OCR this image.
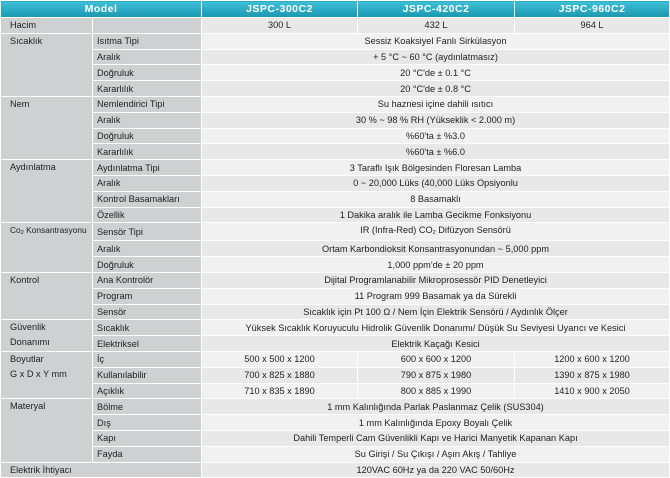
Model		JSPC-300C2	JSPC-420C2	JSPC-960C2
Hacim		300 L	432 L	964 L
Sıcaklık	Isıtma Tipi	Sessiz Koaksiyel Fanlı Sirkülasyon		
	Aralık	+ 5 °C ~ 60 °C (aydınlatmasız)		
	Doğruluk	20 °C'de ± 0.1 °C		
	Kararlılık	20 °C'de ± 0.8 °C		
Nem	Nemlendirici Tipi	Su haznesi içine dahili ısıtıcı		
	Aralık	30 % ~ 98 % RH (Yükseklik < 2.000 m)		
	Doğruluk	%60'ta ± %3.0		
	Kararlılık	%60'ta ± %6.0		
Aydınlatma	Aydınlatma Tipi	3 Taraflı Işık Bölgesinden Floresan Lamba		
	Aralık	0 ~ 20,000 Lüks (40,000 Lüks Opsiyonlu		
	Kontrol Basamakları	8 Basamaklı		
	Özellik	1 Dakika aralık ile Lamba Gecikme Fonksiyonu		
Co2 Konsantrasyonu	Sensör Tipi	IR (Infra-Red) CO2 Difüzyon Sensörü		
	Aralık	Ortam Karbondioksit Konsantrasyonundan ~ 5,000 ppm		
	Doğruluk	1,000 ppm'de ± 20 ppm		
Kontrol	Ana Kontrolör	Dijital Programlanabilir Mikroprosessör PID Denetleyici		
	Program	11 Program 999 Basamak ya da Sürekli		
	Sensör	Sıcaklık için Pt 100 Ω / Nem İçin Elektrik Sensörü / Aydınlık Ölçer		

Güvenlik
Donanımı	Sıcaklık	Yüksek Sıcaklık Koruyuculu Hidrolik Güvenlik Donanımı/ Düşük Su Seviyesi Uyarıcı ve Kesici		
	Elektriksel	Elektrik Kaçağı Kesici		

Boyutlar
G x D x Y mm	İç	500 x 500 x 1200	600 x 600 x 1200	1200 x 600 x 1200
	Kullanılabilir	700 x 825 x 1880	790 x 875 x 1980	1390 x 875 x 1980
	Açıklık	710 x 835 x 1890	800 x 885 x 1990	1410 x 900 x 2050
Materyal	Bölme	1 mm Kalınlığında Parlak Paslanmaz Çelik (SUS304)		
	Dış	1 mm Kalınlığında Epoxy Boyalı Çelik		
	Kapı	Dahili Temperli Cam Güvenlikli Kapı ve Harici Manyetik Kapanan Kapı		
	Fayda	Su Girişi / Su Çıkışı / Aşırı Akış / Tahliye		
Elektrik İhtiyacı		120VAC 60Hz ya da 220 VAC 50/60Hz		
